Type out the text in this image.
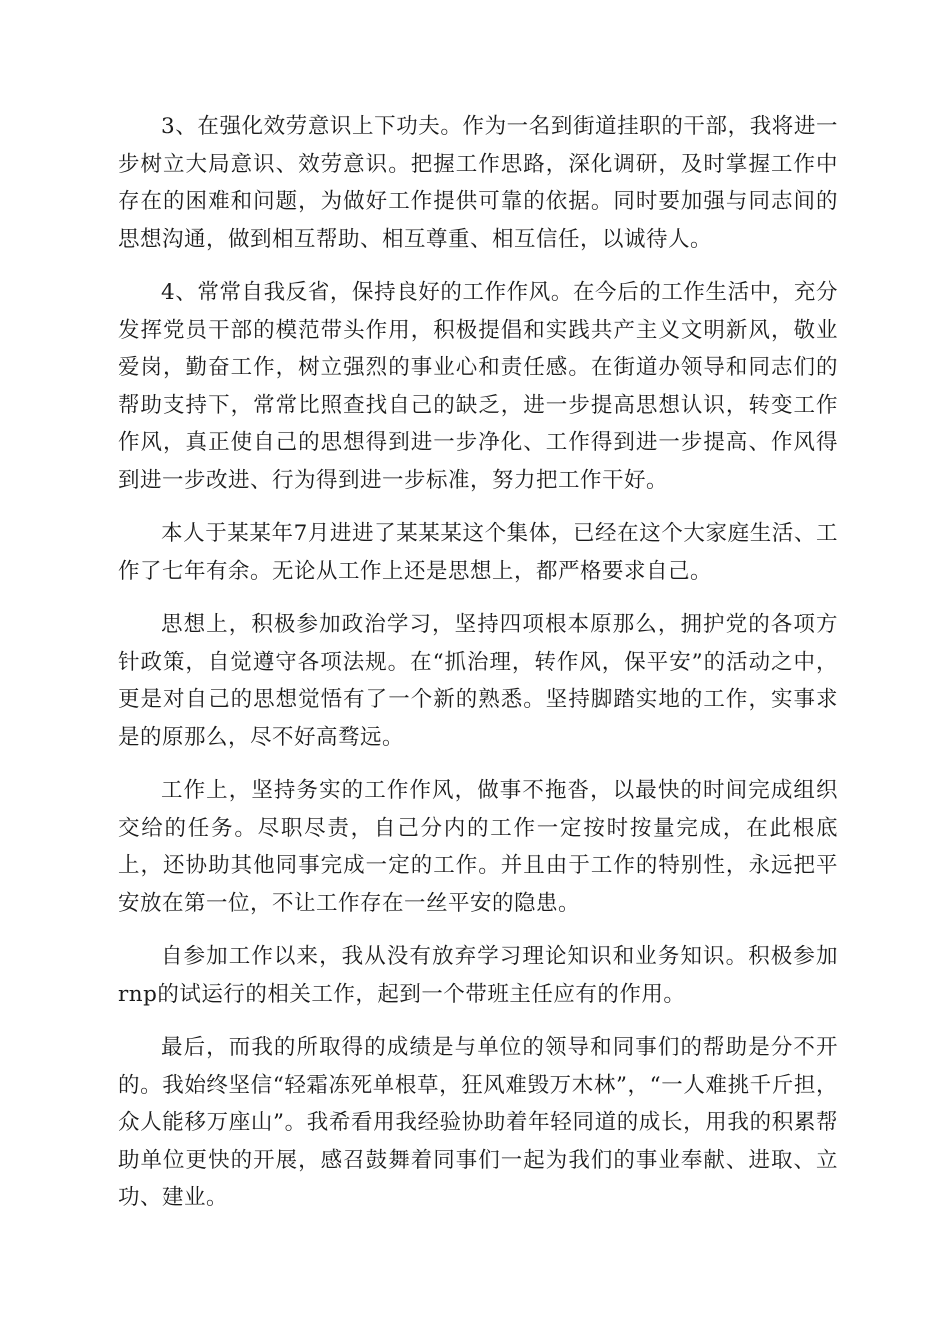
3、在强化效劳意识上下功夫。作为一名到街道挂职的干部，我将进一步树立大局意识、效劳意识。把握工作思路，深化调研，及时掌握工作中存在的困难和问题，为做好工作提供可靠的依据。同时要加强与同志间的思想沟通，做到相互帮助、相互尊重、相互信任，以诚待人。

4、常常自我反省，保持良好的工作作风。在今后的工作生活中，充分发挥党员干部的模范带头作用，积极提倡和实践共产主义文明新风，敬业爱岗，勤奋工作，树立强烈的事业心和责任感。在街道办领导和同志们的帮助支持下，常常比照查找自己的缺乏，进一步提高思想认识，转变工作作风，真正使自己的思想得到进一步净化、工作得到进一步提高、作风得到进一步改进、行为得到进一步标准，努力把工作干好。

本人于某某年7月进进了某某某这个集体，已经在这个大家庭生活、工作了七年有余。无论从工作上还是思想上，都严格要求自己。

思想上，积极参加政治学习，坚持四项根本原那么，拥护党的各项方针政策，自觉遵守各项法规。在“抓治理，转作风，保平安”的活动之中，更是对自己的思想觉悟有了一个新的熟悉。坚持脚踏实地的工作，实事求是的原那么，尽不好高骛远。

工作上，坚持务实的工作作风，做事不拖沓，以最快的时间完成组织交给的任务。尽职尽责，自己分内的工作一定按时按量完成，在此根底上，还协助其他同事完成一定的工作。并且由于工作的特别性，永远把平安放在第一位，不让工作存在一丝平安的隐患。

自参加工作以来，我从没有放弃学习理论知识和业务知识。积极参加rnp的试运行的相关工作，起到一个带班主任应有的作用。

最后，而我的所取得的成绩是与单位的领导和同事们的帮助是分不开的。我始终坚信“轻霜冻死单根草，狂风难毁万木林”，“一人难挑千斤担，众人能移万座山”。我希看用我经验协助着年轻同道的成长，用我的积累帮助单位更快的开展，感召鼓舞着同事们一起为我们的事业奉献、进取、立功、建业。
